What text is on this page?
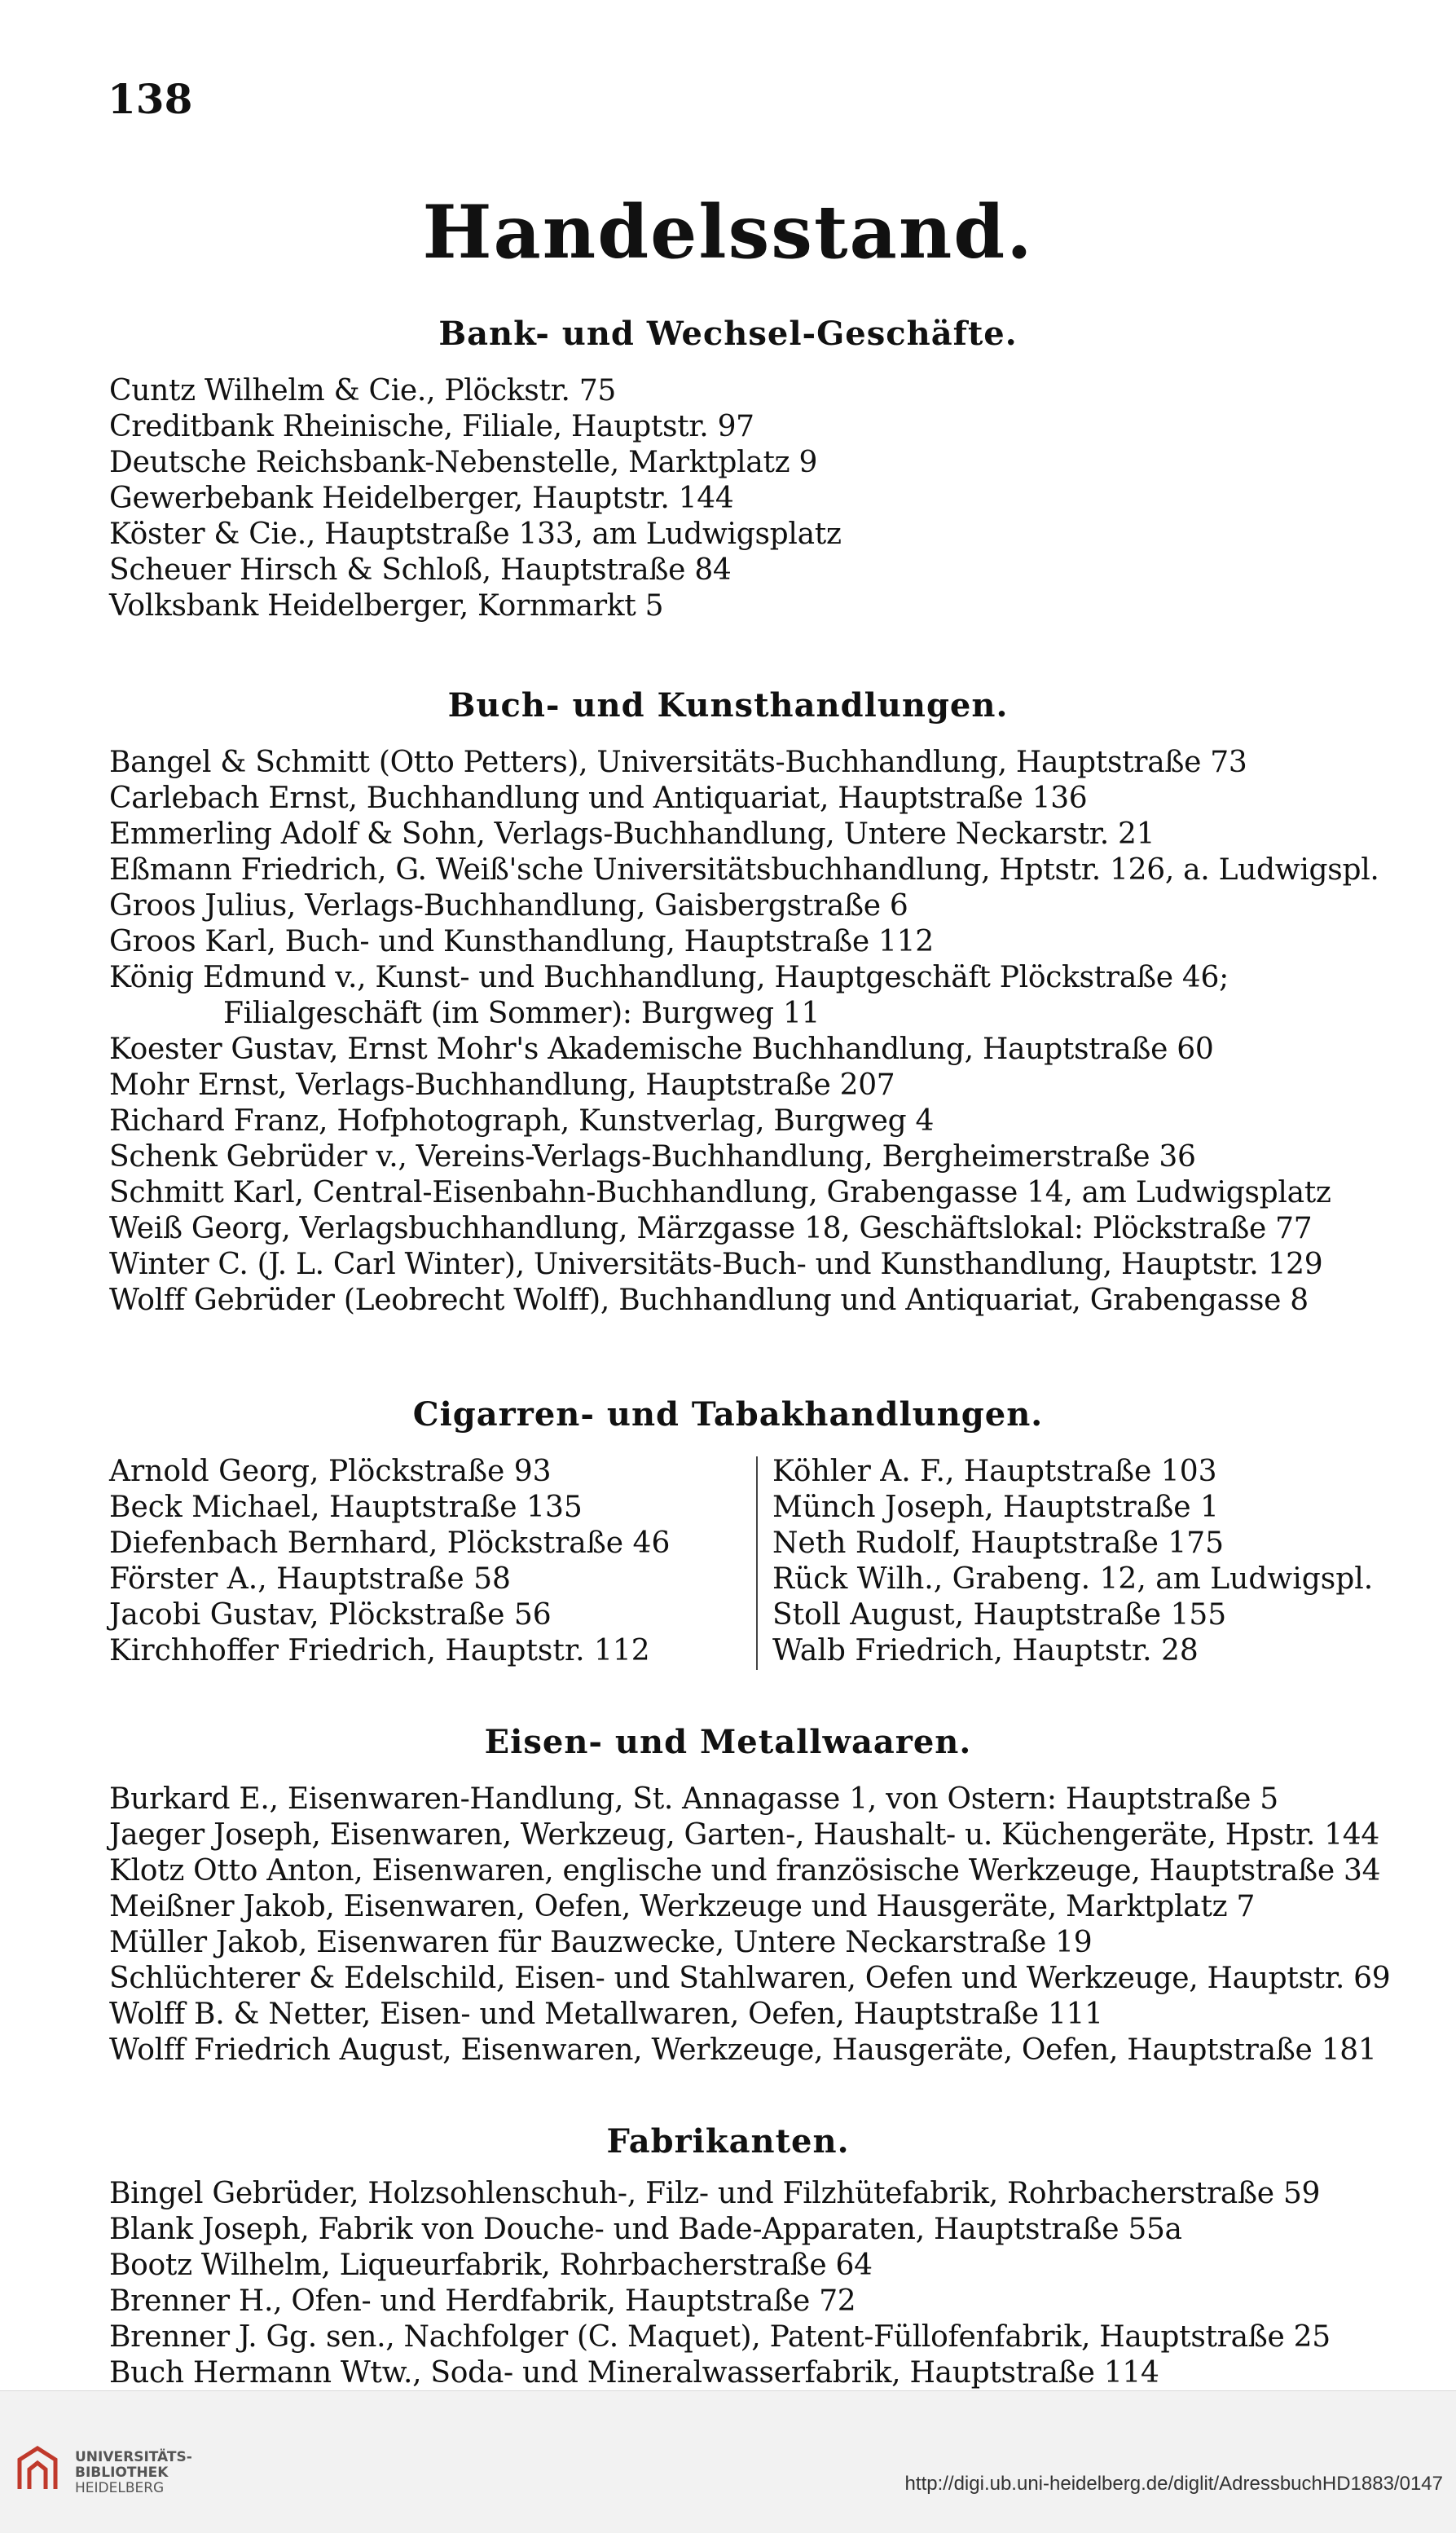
138
Handelsstand.
Bank- und Wechsel-Geschäfte.
Cuntz Wilhelm & Cie., Plöckstr. 75
Creditbank Rheinische, Filiale, Hauptstr. 97
Deutsche Reichsbank-Nebenstelle, Marktplatz 9
Gewerbebank Heidelberger, Hauptstr. 144
Köster & Cie., Hauptstraße 133, am Ludwigsplatz
Scheuer Hirsch & Schloß, Hauptstraße 84
Volksbank Heidelberger, Kornmarkt 5
Buch- und Kunsthandlungen.
Bangel & Schmitt (Otto Petters), Universitäts-Buchhandlung, Hauptstraße 73
Carlebach Ernst, Buchhandlung und Antiquariat, Hauptstraße 136
Emmerling Adolf & Sohn, Verlags-Buchhandlung, Untere Neckarstr. 21
Eßmann Friedrich, G. Weiß'sche Universitätsbuchhandlung, Hptstr. 126, a. Ludwigspl.
Groos Julius, Verlags-Buchhandlung, Gaisbergstraße 6
Groos Karl, Buch- und Kunsthandlung, Hauptstraße 112
König Edmund v., Kunst- und Buchhandlung, Hauptgeschäft Plöckstraße 46; Filialgeschäft (im Sommer): Burgweg 11
Koester Gustav, Ernst Mohr's Akademische Buchhandlung, Hauptstraße 60
Mohr Ernst, Verlags-Buchhandlung, Hauptstraße 207
Richard Franz, Hofphotograph, Kunstverlag, Burgweg 4
Schenk Gebrüder v., Vereins-Verlags-Buchhandlung, Bergheimerstraße 36
Schmitt Karl, Central-Eisenbahn-Buchhandlung, Grabengasse 14, am Ludwigsplatz
Weiß Georg, Verlagsbuchhandlung, Märzgasse 18, Geschäftslokal: Plöckstraße 77
Winter C. (J. L. Carl Winter), Universitäts-Buch- und Kunsthandlung, Hauptstr. 129
Wolff Gebrüder (Leobrecht Wolff), Buchhandlung und Antiquariat, Grabengasse 8
Cigarren- und Tabakhandlungen.
Arnold Georg, Plöckstraße 93
Beck Michael, Hauptstraße 135
Diefenbach Bernhard, Plöckstraße 46
Förster A., Hauptstraße 58
Jacobi Gustav, Plöckstraße 56
Kirchhoffer Friedrich, Hauptstr. 112
Köhler A. F., Hauptstraße 103
Münch Joseph, Hauptstraße 1
Neth Rudolf, Hauptstraße 175
Rück Wilh., Grabeng. 12, am Ludwigspl.
Stoll August, Hauptstraße 155
Walb Friedrich, Hauptstr. 28
Eisen- und Metallwaaren.
Burkard E., Eisenwaren-Handlung, St. Annagasse 1, von Ostern: Hauptstraße 5
Jaeger Joseph, Eisenwaren, Werkzeug, Garten-, Haushalt- u. Küchengeräte, Hpstr. 144
Klotz Otto Anton, Eisenwaren, englische und französische Werkzeuge, Hauptstraße 34
Meißner Jakob, Eisenwaren, Oefen, Werkzeuge und Hausgeräte, Marktplatz 7
Müller Jakob, Eisenwaren für Bauzwecke, Untere Neckarstraße 19
Schlüchterer & Edelschild, Eisen- und Stahlwaren, Oefen und Werkzeuge, Hauptstr. 69
Wolff B. & Netter, Eisen- und Metallwaren, Oefen, Hauptstraße 111
Wolff Friedrich August, Eisenwaren, Werkzeuge, Hausgeräte, Oefen, Hauptstraße 181
Fabrikanten.
Bingel Gebrüder, Holzsohlenschuh-, Filz- und Filzhütefabrik, Rohrbacherstraße 59
Blank Joseph, Fabrik von Douche- und Bade-Apparaten, Hauptstraße 55a
Bootz Wilhelm, Liqueurfabrik, Rohrbacherstraße 64
Brenner H., Ofen- und Herdfabrik, Hauptstraße 72
Brenner J. Gg. sen., Nachfolger (C. Maquet), Patent-Füllofenfabrik, Hauptstraße 25
Buch Hermann Wtw., Soda- und Mineralwasserfabrik, Hauptstraße 114
UNIVERSITÄTS-
BIBLIOTHEK
HEIDELBERG	http://digi.ub.uni-heidelberg.de/diglit/AdressbuchHD1883/0147
